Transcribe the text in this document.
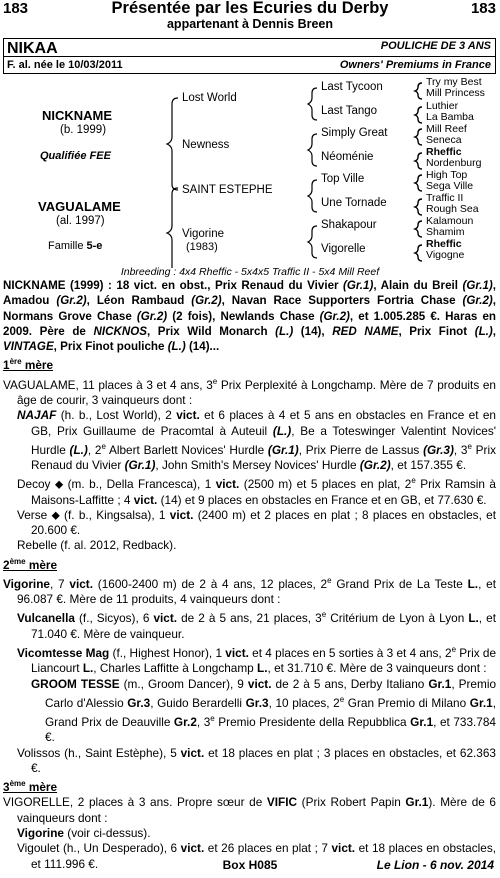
183	Présentée par les Ecuries du Derby	183
appartenant à Dennis Breen
NIKAA	POULICHE DE 3 ANS
F. al. née le 10/03/2011	Owners' Premiums in France
NICKNAME
(b. 1999)
Qualifiée FEE
VAGUALAME
(al. 1997)
Famille 5-e
Lost World
Newness
SAINT ESTEPHE
Vigorine
(1983)
Last Tycoon
Last Tango
Simply Great
Néoménie
Top Ville
Une Tornade
Shakapour
Vigorelle
Try my Best
Mill Princess
Luthier
La Bamba
Mill Reef
Seneca
Rheffic
Nordenburg
High Top
Sega Ville
Traffic II
Rough Sea
Kalamoun
Shamim
Rheffic
Vigogne
Inbreeding : 4x4 Rheffic - 5x4x5 Traffic II - 5x4 Mill Reef

NICKNAME (1999) : 18 vict. en obst., Prix Renaud du Vivier (Gr.1), Alain du Breil (Gr.1), Amadou (Gr.2), Léon Rambaud (Gr.2), Navan Race Supporters Fortria Chase (Gr.2), Normans Grove Chase (Gr.2) (2 fois), Newlands Chase (Gr.2), et 1.005.285 €. Haras en 2009. Père de NICKNOS, Prix Wild Monarch (L.) (14), RED NAME, Prix Finot (L.), VINTAGE, Prix Finot pouliche (L.) (14)...

1ère mère

VAGUALAME, 11 places à 3 et 4 ans, 3e Prix Perplexité à Longchamp. Mère de 7 produits en âge de courir, 3 vainqueurs dont :

NAJAF (h. b., Lost World), 2 vict. et 6 places à 4 et 5 ans en obstacles en France et en GB, Prix Guillaume de Pracomtal à Auteuil (L.), Be a Toteswinger Valentint Novices' Hurdle (L.), 2e Albert Barlett Novices' Hurdle (Gr.1), Prix Pierre de Lassus (Gr.3), 3e Prix Renaud du Vivier (Gr.1), John Smith's Mersey Novices' Hurdle (Gr.2), et 157.355 €.

Decoy ⬥ (m. b., Della Francesca), 1 vict. (2500 m) et 5 places en plat, 2e Prix Ramsin à Maisons-Laffitte ; 4 vict. (14) et 9 places en obstacles en France et en GB, et 77.630 €.

Verse ⬥ (f. b., Kingsalsa), 1 vict. (2400 m) et 2 places en plat ; 8 places en obstacles, et 20.600 €.

Rebelle (f. al. 2012, Redback).

2ème mère

Vigorine, 7 vict. (1600-2400 m) de 2 à 4 ans, 12 places, 2e Grand Prix de La Teste L., et 96.087 €. Mère de 11 produits, 4 vainqueurs dont :

Vulcanella (f., Sicyos), 6 vict. de 2 à 5 ans, 21 places, 3e Critérium de Lyon à Lyon L., et 71.040 €. Mère de vainqueur.

Vicomtesse Mag (f., Highest Honor), 1 vict. et 4 places en 5 sorties à 3 et 4 ans, 2e Prix de Liancourt L., Charles Laffitte à Longchamp L., et 31.710 €. Mère de 3 vainqueurs dont :

GROOM TESSE (m., Groom Dancer), 9 vict. de 2 à 5 ans, Derby Italiano Gr.1, Premio Carlo d'Alessio Gr.3, Guido Berardelli Gr.3, 10 places, 2e Gran Premio di Milano Gr.1, Grand Prix de Deauville Gr.2, 3e Premio Presidente della Repubblica Gr.1, et 733.784 €.

Volissos (h., Saint Estèphe), 5 vict. et 18 places en plat ; 3 places en obstacles, et 62.363 €.

3ème mère

VIGORELLE, 2 places à 3 ans. Propre sœur de VIFIC (Prix Robert Papin Gr.1). Mère de 6 vainqueurs dont :

Vigorine (voir ci-dessus).

Vigoulet (h., Un Desperado), 6 vict. et 26 places en plat ; 7 vict. et 18 places en obstacles, et 111.996 €.	Box H085	Le Lion - 6 nov. 2014
